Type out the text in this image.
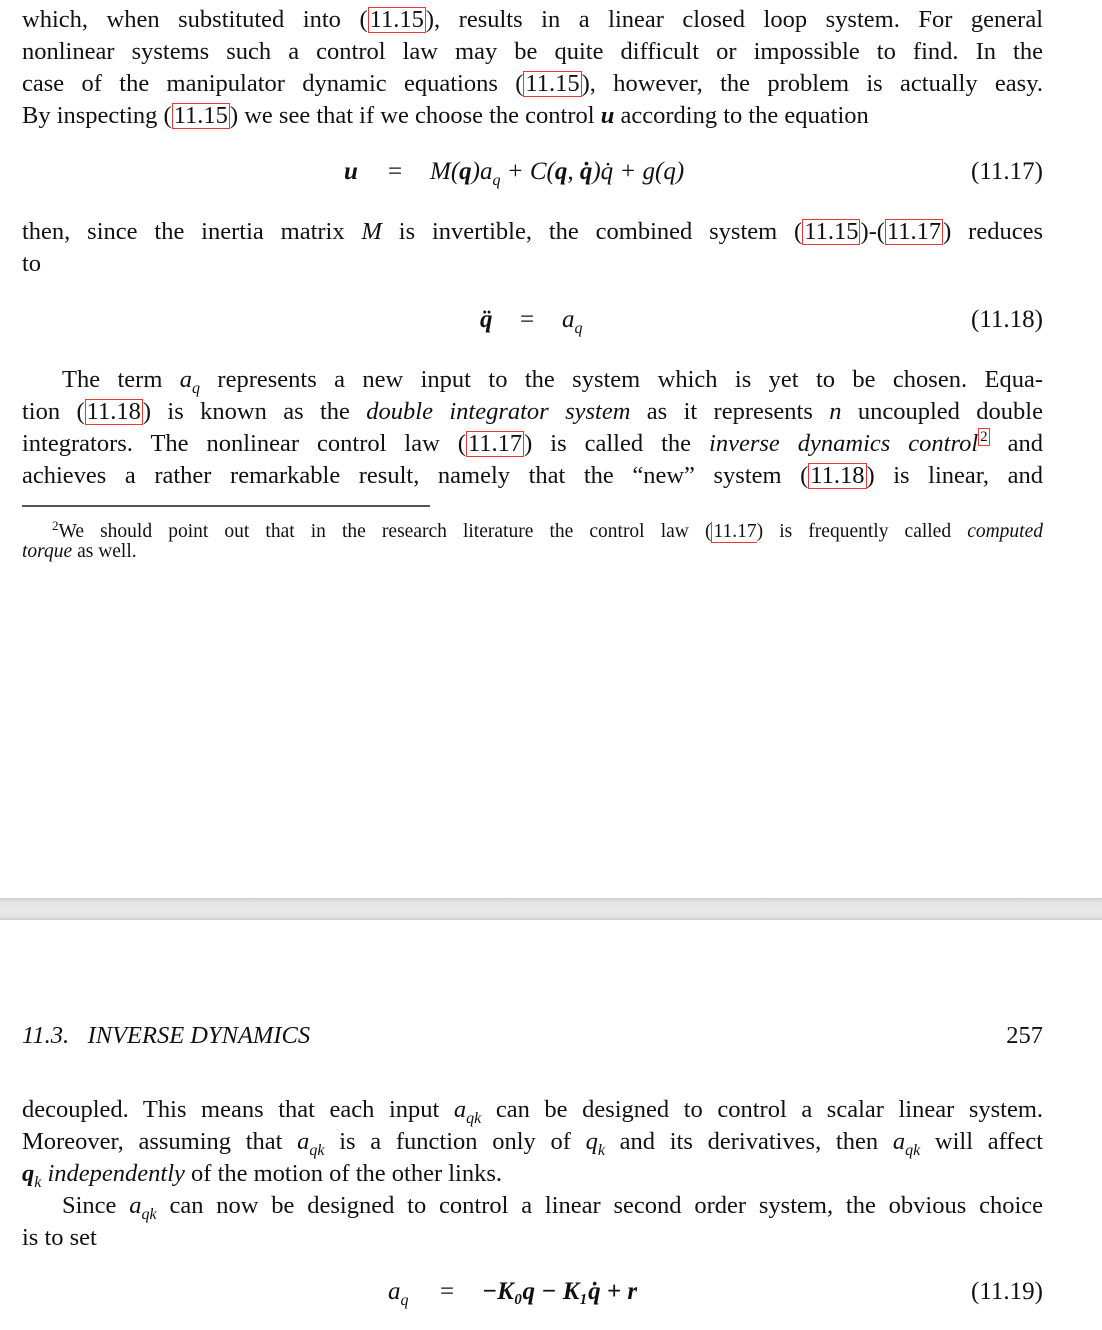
which, when substituted into (11.15), results in a linear closed loop system. For general
nonlinear systems such a control law may be quite difficult or impossible to find. In the
case of the manipulator dynamic equations (11.15), however, the problem is actually easy.
By inspecting (11.15) we see that if we choose the control u according to the equation
$u = M(q)a_q + C(q$, q̇)q̇ + g(q)	(11.17)
then, since the inertia matrix M is invertible, the combined system (11.15)-(11.17) reduces
to
q̈ = $a_q$	(11.18)
The term $a_q$ represents a new input to the system which is yet to be chosen. Equa-
tion (11.18) is known as the double integrator system as it represents n uncoupled double
integrators. The nonlinear control law (11.17) is called the inverse dynamics control 2 and
achieves a rather remarkable result, namely that the “new” system (11.18) is linear, and
$^2$We should point out that in the research literature the control law ( 11.17) is frequently called computed
torque as well.
11.3. INVERSE DYNAMICS	257
decoupled. This means that each input $a_{qk}$ can be designed to control a scalar linear system.
Moreover, assuming that $a_{qk}$ is a function only of $q_k$ and its derivatives, then $a_{qk}$ will affect
$q_k$ independently of the motion of the other links.
Since $a_{qk}$ can now be designed to control a linear second order system, the obvious choice
is to set
$a_q = -K_0q$ − K₁q̇ + r	(11.19)
